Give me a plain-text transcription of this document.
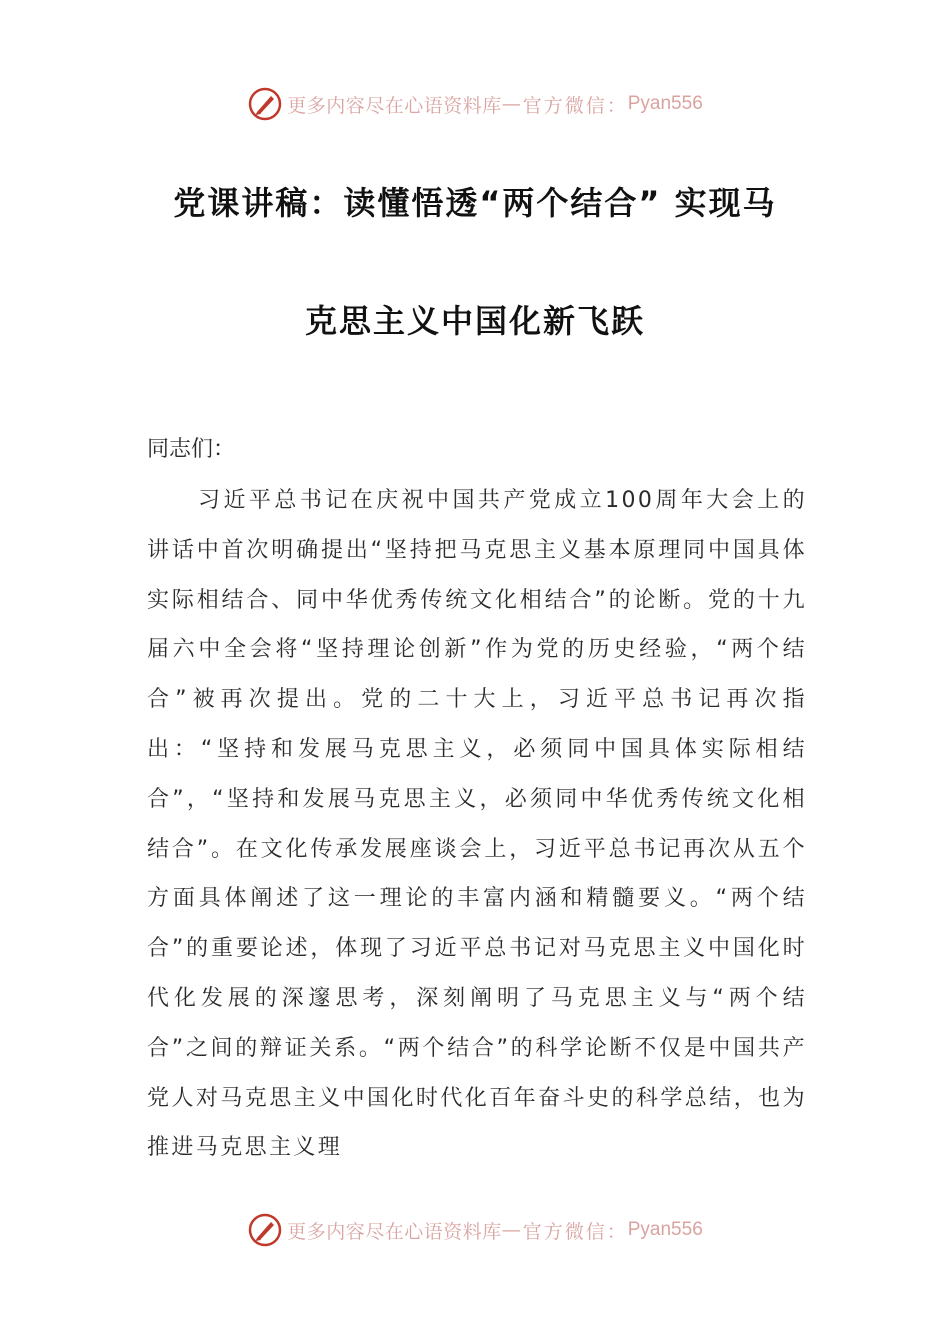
更多内容尽在心语资料库 — 官方微信： Pyan556
党课讲稿：读懂悟透“两个结合” 实现马
克思主义中国化新飞跃
同志们：
习近平总书记在庆祝中国共产党成立100周年大会上的讲话中首次明确提出“坚持把马克思主义基本原理同中国具体实际相结合、同中华优秀传统文化相结合”的论断。党的十九届六中全会将“坚持理论创新”作为党的历史经验，“两个结合”被再次提出。党的二十大上，习近平总书记再次指出：“坚持和发展马克思主义，必须同中国具体实际相结合”，“坚持和发展马克思主义，必须同中华优秀传统文化相结合”。在文化传承发展座谈会上，习近平总书记再次从五个方面具体阐述了这一理论的丰富内涵和精髓要义。“两个结合”的重要论述，体现了习近平总书记对马克思主义中国化时代化发展的深邃思考，深刻阐明了马克思主义与“两个结合”之间的辩证关系。“两个结合”的科学论断不仅是中国共产党人对马克思主义中国化时代化百年奋斗史的科学总结，也为推进马克思主义理
更多内容尽在心语资料库 — 官方微信： Pyan556
